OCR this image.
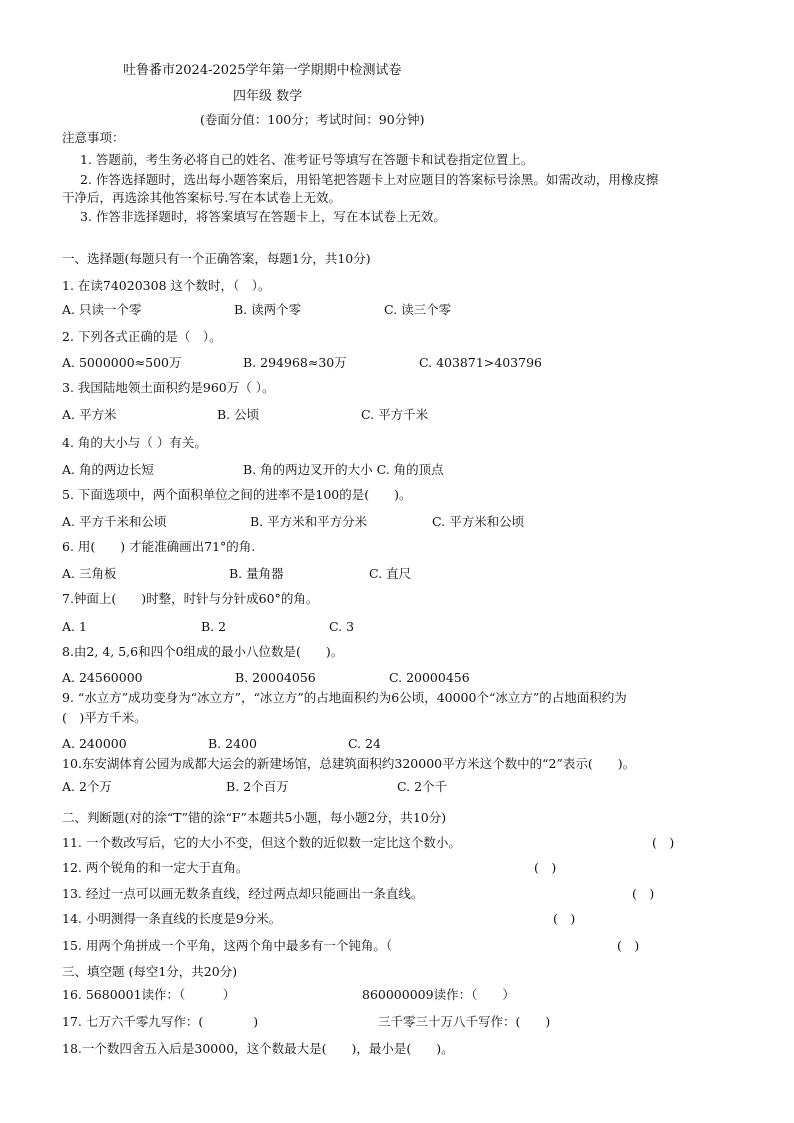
吐鲁番市2024-2025学年第一学期期中检测试卷
四年级 数学
(卷面分值：100分；考试时间：90分钟)
注意事项：
1. 答题前，考生务必将自己的姓名、准考证号等填写在答题卡和试卷指定位置上。
2. 作答选择题时，选出每小题答案后，用铅笔把答题卡上对应题目的答案标号涂黑。如需改动，用橡皮擦
干净后，再选涂其他答案标号.写在本试卷上无效。
3. 作答非选择题时，将答案填写在答题卡上，写在本试卷上无效。
一、选择题(每题只有一个正确答案，每题1分，共10分)
1. 在读74020308 这个数时，（　）。
A. 只读一个零	B. 读两个零	C. 读三个零
2. 下列各式正确的是（　）。
A. 5000000≈500万	B. 294968≈30万	C. 403871>403796
3. 我国陆地领土面积约是960万（ ）。
A. 平方米	B. 公顷	C. 平方千米
4. 角的大小与（ ）有关。
A. 角的两边长短	B. 角的两边叉开的大小 C. 角的顶点
5. 下面选项中，两个面积单位之间的进率不是100的是(　　)。
A. 平方千米和公顷	B. 平方米和平方分米	C. 平方米和公顷
6. 用(　　) 才能准确画出71°的角.
A. 三角板	B. 量角器	C. 直尺
7.钟面上(　　)时整，时针与分针成60°的角。
A. 1	B. 2	C. 3
8.由2, 4, 5,6和四个0组成的最小八位数是(　　)。
A. 24560000	B. 20004056	C. 20000456
9. “水立方”成功变身为“冰立方”，“冰立方”的占地面积约为6公顷，40000个“冰立方”的占地面积约为
(　)平方千米。
A. 240000	B. 2400	C. 24
10.东安湖体育公园为成都大运会的新建场馆，总建筑面积约320000平方米这个数中的“2”表示(　　)。
A. 2个万	B. 2个百万	C. 2个千
二、判断题(对的涂“T”错的涂“F”本题共5小题，每小题2分，共10分)
11. 一个数改写后，它的大小不变，但这个数的近似数一定比这个数小。	(　)
12. 两个锐角的和一定大于直角。	(　)
13. 经过一点可以画无数条直线，经过两点却只能画出一条直线。	(　)
14. 小明测得一条直线的长度是9分米。	(　)
15. 用两个角拼成一个平角，这两个角中最多有一个钝角。（	(　)
三、填空题 (每空1分，共20分)
16. 5680001读作：（　　　）	860000009读作：（　　）
17. 七万六千零九写作：(　　　　)	三千零三十万八千写作：(　　)
18.一个数四舍五入后是30000，这个数最大是(　　)，最小是(　　)。
